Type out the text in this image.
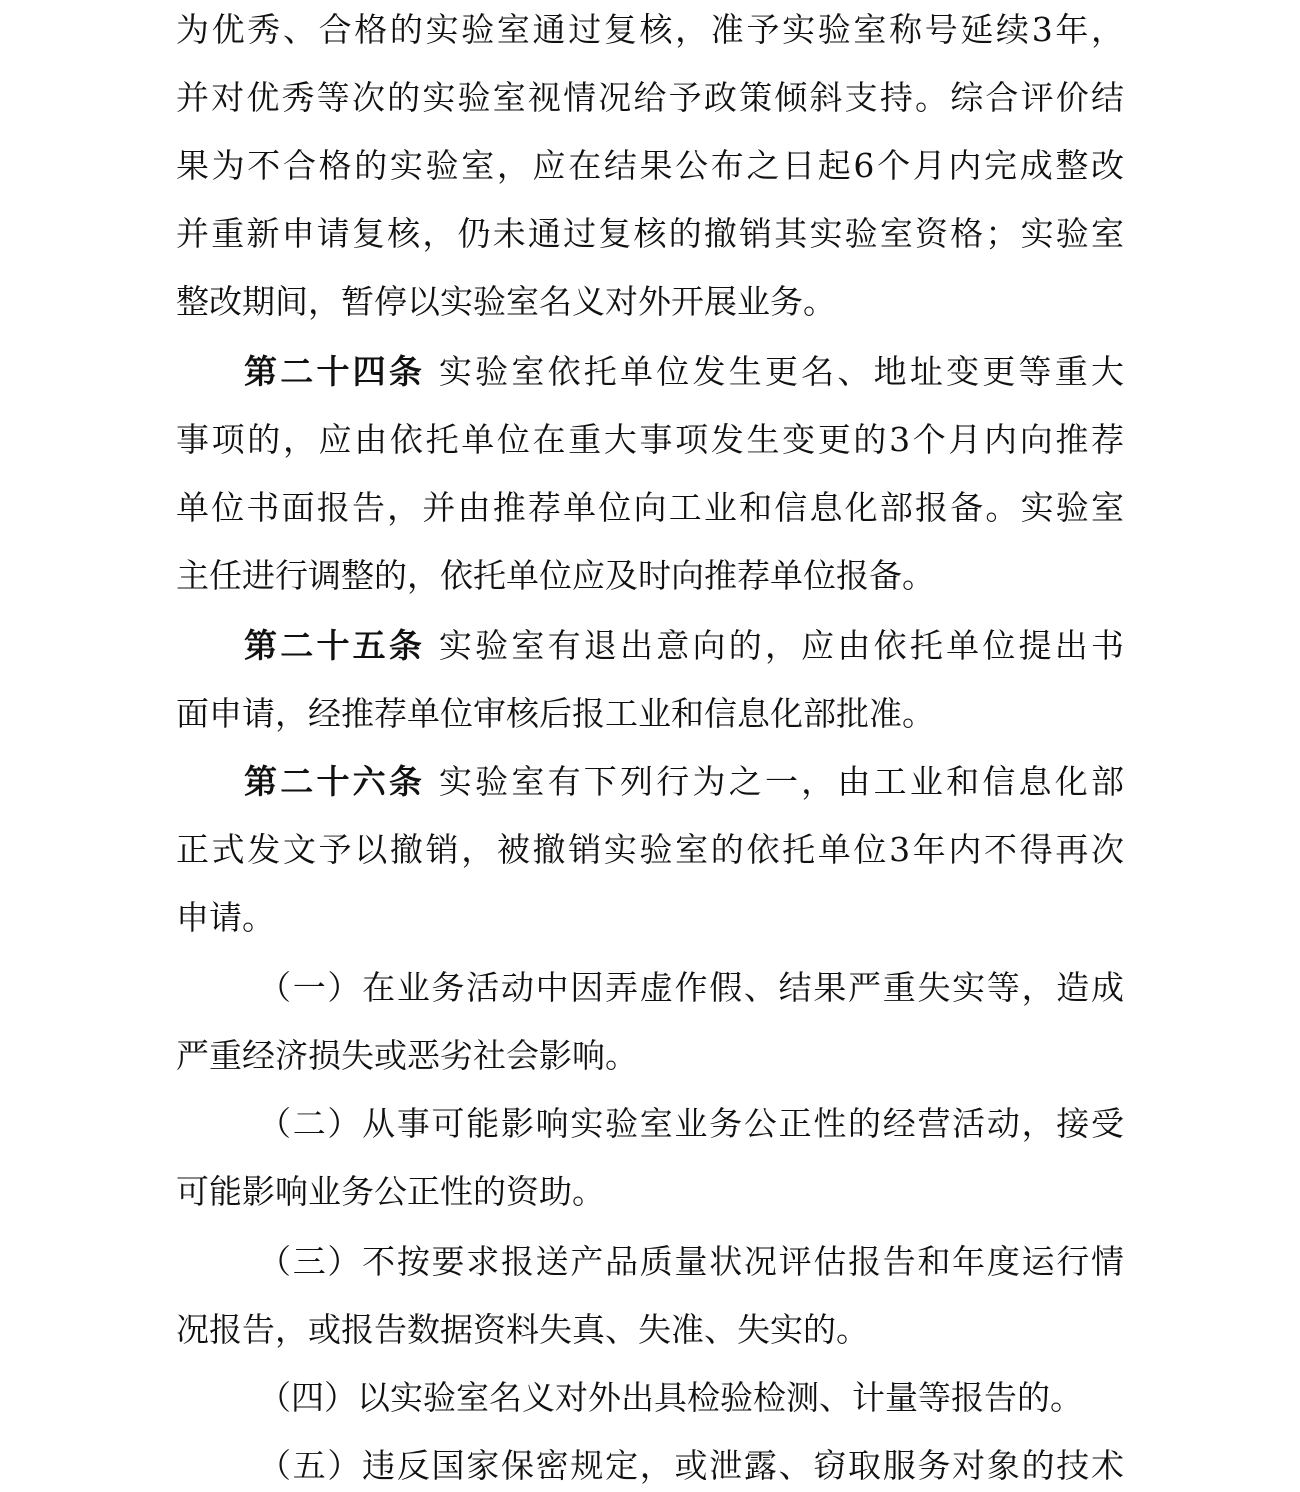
为优秀、合格的实验室通过复核，准予实验室称号延续3年，
并对优秀等次的实验室视情况给予政策倾斜支持。综合评价结
果为不合格的实验室，应在结果公布之日起6个月内完成整改
并重新申请复核，仍未通过复核的撤销其实验室资格；实验室
整改期间，暂停以实验室名义对外开展业务。
第二十四条 实验室依托单位发生更名、地址变更等重大
事项的，应由依托单位在重大事项发生变更的3个月内向推荐
单位书面报告，并由推荐单位向工业和信息化部报备。实验室
主任进行调整的，依托单位应及时向推荐单位报备。
第二十五条 实验室有退出意向的，应由依托单位提出书
面申请，经推荐单位审核后报工业和信息化部批准。
第二十六条 实验室有下列行为之一，由工业和信息化部
正式发文予以撤销，被撤销实验室的依托单位3年内不得再次
申请。
（一）在业务活动中因弄虚作假、结果严重失实等，造成
严重经济损失或恶劣社会影响。
（二）从事可能影响实验室业务公正性的经营活动，接受
可能影响业务公正性的资助。
（三）不按要求报送产品质量状况评估报告和年度运行情
况报告，或报告数据资料失真、失准、失实的。
（四）以实验室名义对外出具检验检测、计量等报告的。
（五）违反国家保密规定，或泄露、窃取服务对象的技术
